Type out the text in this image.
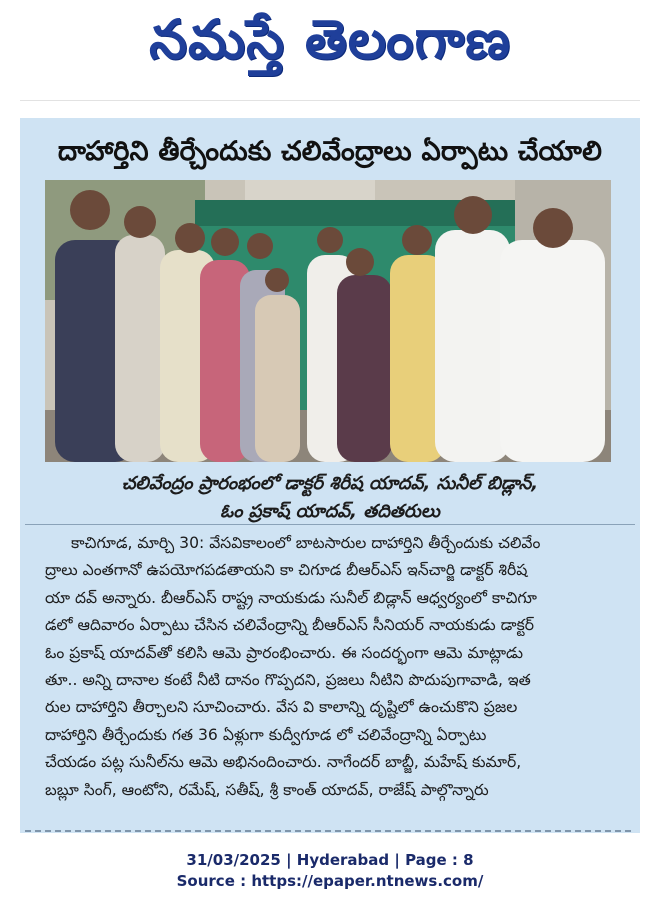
నమస్తే తెలంగాణ
దాహార్తిని తీర్చేందుకు చలివేంద్రాలు ఏర్పాటు చేయాలి
చలివేంద్రం ప్రారంభంలో డాక్టర్ శిరీష యాదవ్, సునీల్ బిడ్లాన్,
ఓం ప్రకాష్ యాదవ్, తదితరులు
కాచిగూడ, మార్చి 30: వేసవికాలంలో బాటసారుల దాహార్తిని తీర్చేందుకు చలివేం
ద్రాలు ఎంతగానో ఉపయోగపడతాయని కా చిగూడ బీఆర్ఎస్ ఇన్‌చార్జి డాక్టర్ శిరీష
యా దవ్ అన్నారు. బీఆర్ఎస్ రాష్ట్ర నాయకుడు సునీల్ బిడ్లాన్ ఆధ్వర్యంలో కాచిగూ
డలో ఆదివారం ఏర్పాటు చేసిన చలివేంద్రాన్ని బీఆర్ఎస్ సీనియర్ నాయకుడు డాక్టర్
ఓం ప్రకాష్ యాదవ్‌తో కలిసి ఆమె ప్రారంభించారు. ఈ సందర్భంగా ఆమె మాట్లాడు
తూ.. అన్ని దానాల కంటే నీటి దానం గొప్పదని, ప్రజలు నీటిని పొదుపుగావాడి, ఇత
రుల దాహార్తిని తీర్చాలని సూచించారు. వేస వి కాలాన్ని దృష్టిలో ఉంచుకొని ప్రజల
దాహార్తిని తీర్చేందుకు గత 36 ఏళ్లుగా కుద్వీగూడ లో చలివేంద్రాన్ని ఏర్పాటు
చేయడం పట్ల సునీల్‌ను ఆమె అభినందించారు. నాగేందర్ బాబ్జీ, మహేష్ కుమార్,
బబ్లూ సింగ్, ఆంటోని, రమేష్, సతీష్, శ్రీ కాంత్ యాదవ్, రాజేష్ పాల్గొన్నారు
31/03/2025 | Hyderabad | Page : 8
Source : https://epaper.ntnews.com/
